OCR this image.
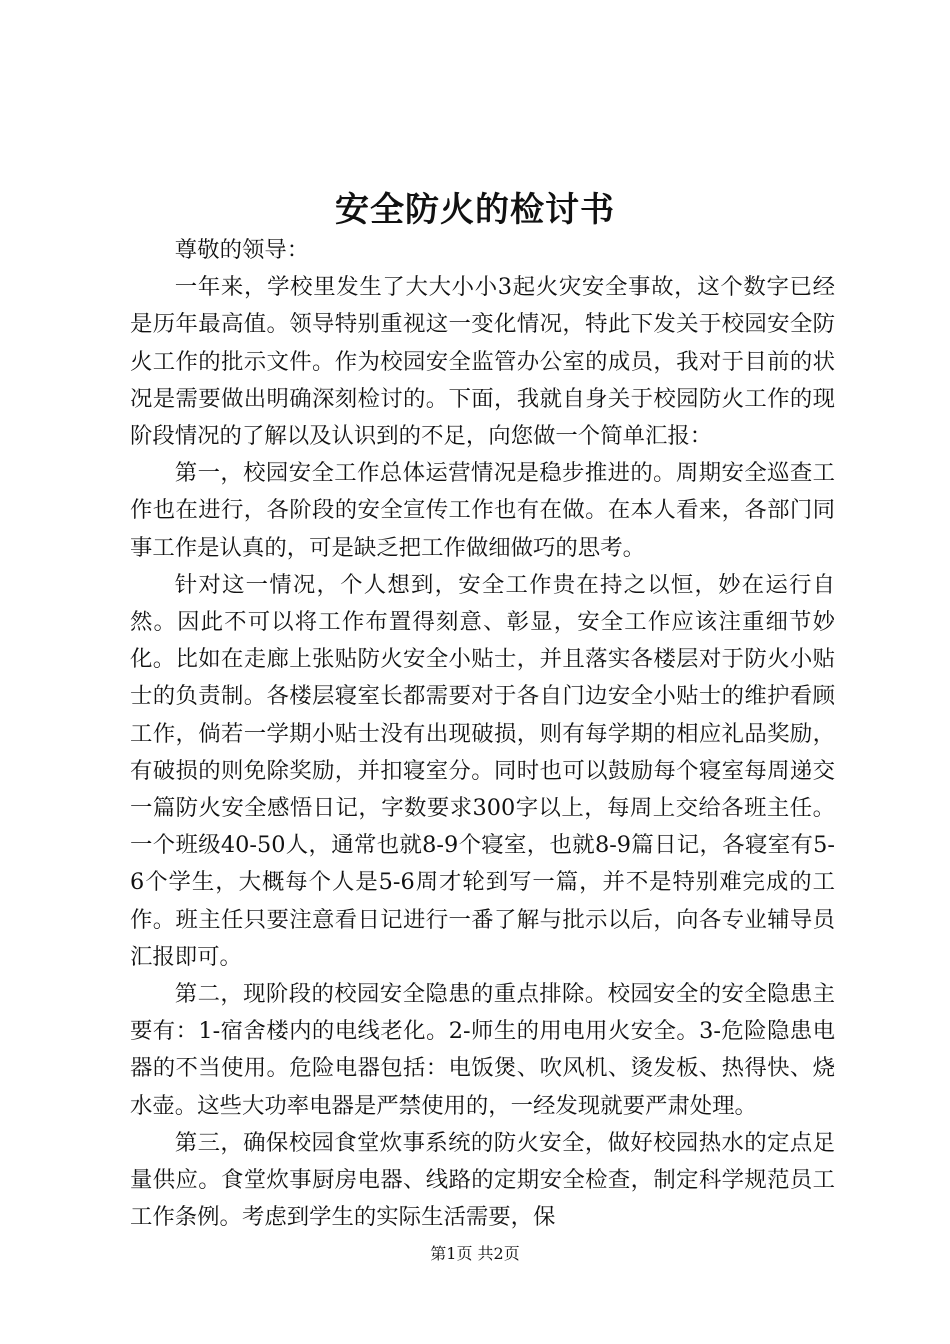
安全防火的检讨书

尊敬的领导：

一年来，学校里发生了大大小小3起火灾安全事故，这个数字已经是历年最高值。领导特别重视这一变化情况，特此下发关于校园安全防火工作的批示文件。作为校园安全监管办公室的成员，我对于目前的状况是需要做出明确深刻检讨的。下面，我就自身关于校园防火工作的现阶段情况的了解以及认识到的不足，向您做一个简单汇报：

第一，校园安全工作总体运营情况是稳步推进的。周期安全巡查工作也在进行，各阶段的安全宣传工作也有在做。在本人看来，各部门同事工作是认真的，可是缺乏把工作做细做巧的思考。

针对这一情况，个人想到，安全工作贵在持之以恒，妙在运行自然。因此不可以将工作布置得刻意、彰显，安全工作应该注重细节妙化。比如在走廊上张贴防火安全小贴士，并且落实各楼层对于防火小贴士的负责制。各楼层寝室长都需要对于各自门边安全小贴士的维护看顾工作，倘若一学期小贴士没有出现破损，则有每学期的相应礼品奖励，有破损的则免除奖励，并扣寝室分。同时也可以鼓励每个寝室每周递交一篇防火安全感悟日记，字数要求300字以上，每周上交给各班主任。一个班级40-50人，通常也就8-9个寝室，也就8-9篇日记，各寝室有5-6个学生，大概每个人是5-6周才轮到写一篇，并不是特别难完成的工作。班主任只要注意看日记进行一番了解与批示以后，向各专业辅导员汇报即可。

第二，现阶段的校园安全隐患的重点排除。校园安全的安全隐患主要有：1-宿舍楼内的电线老化。2-师生的用电用火安全。3-危险隐患电器的不当使用。危险电器包括：电饭煲、吹风机、烫发板、热得快、烧水壶。这些大功率电器是严禁使用的，一经发现就要严肃处理。

第三，确保校园食堂炊事系统的防火安全，做好校园热水的定点足量供应。食堂炊事厨房电器、线路的定期安全检查，制定科学规范员工工作条例。考虑到学生的实际生活需要，保

第1页 共2页
